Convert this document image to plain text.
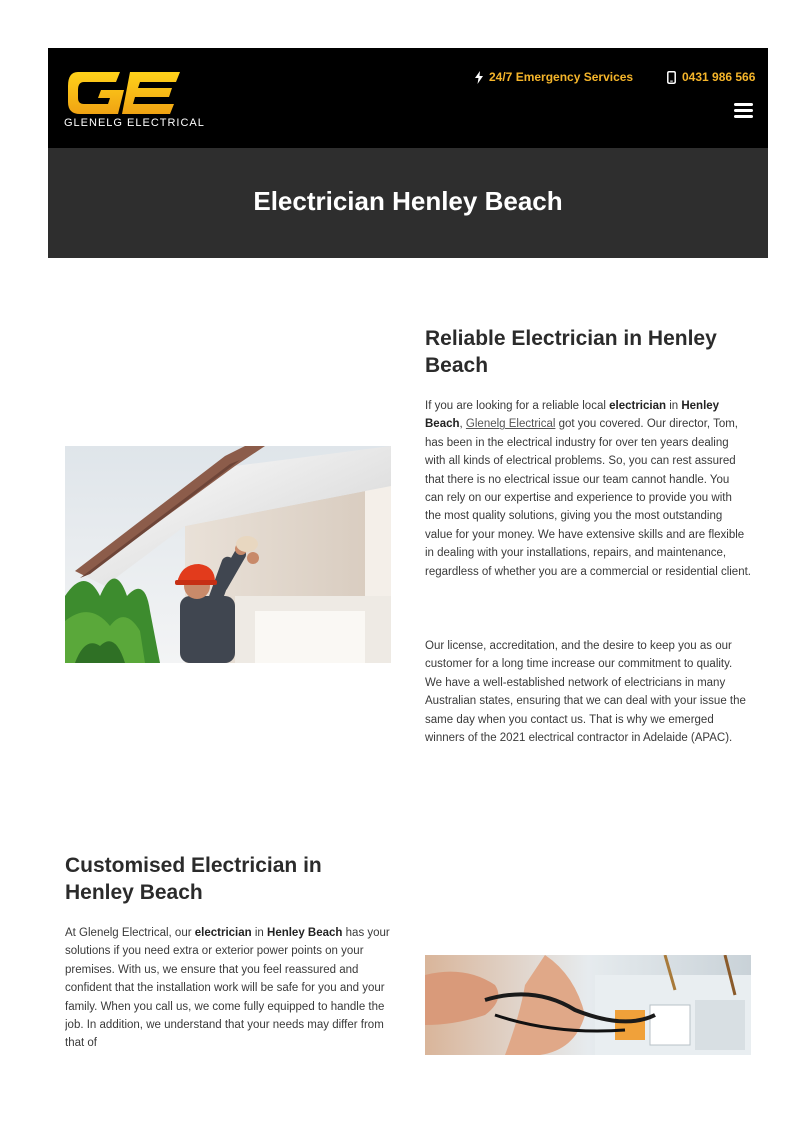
GLENELG ELECTRICAL
24/7 Emergency Services	0431 986 566
Electrician Henley Beach
Reliable Electrician in Henley Beach

If you are looking for a reliable local electrician in Henley Beach, Glenelg Electrical got you covered. Our director, Tom, has been in the electrical industry for over ten years dealing with all kinds of electrical problems. So, you can rest assured that there is no electrical issue our team cannot handle. You can rely on our expertise and experience to provide you with the most quality solutions, giving you the most outstanding value for your money. We have extensive skills and are flexible in dealing with your installations, repairs, and maintenance, regardless of whether you are a commercial or residential client.

Our license, accreditation, and the desire to keep you as our customer for a long time increase our commitment to quality. We have a well-established network of electricians in many Australian states, ensuring that we can deal with your issue the same day when you contact us. That is why we emerged winners of the 2021 electrical contractor in Adelaide (APAC).

Customised Electrician in Henley Beach

At Glenelg Electrical, our electrician in Henley Beach has your solutions if you need extra or exterior power points on your premises. With us, we ensure that you feel reassured and confident that the installation work will be safe for you and your family. When you call us, we come fully equipped to handle the job. In addition, we understand that your needs may differ from that of
